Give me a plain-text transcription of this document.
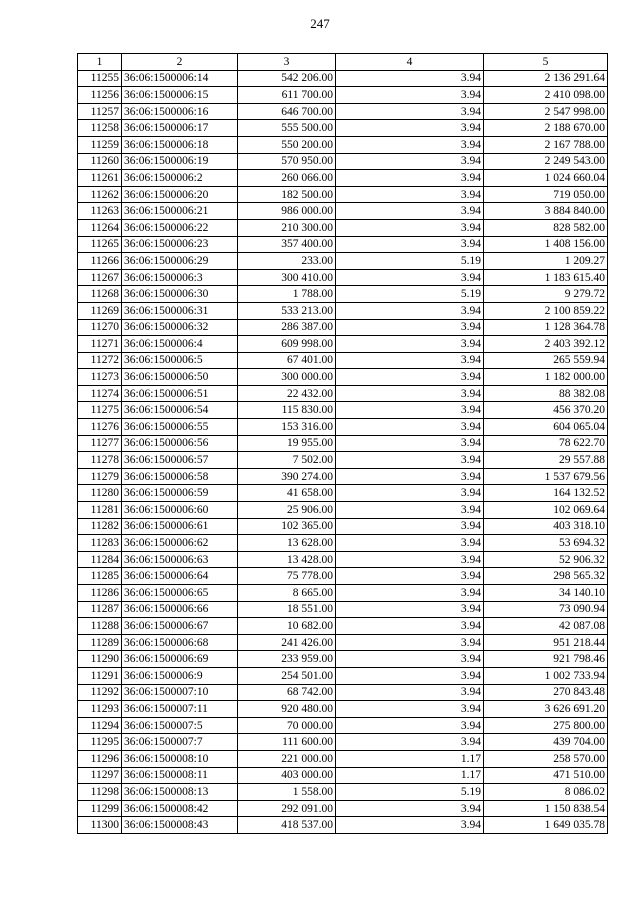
247
1	2	3	4	5
11255	36:06:1500006:14	542 206.00	3.94	2 136 291.64
11256	36:06:1500006:15	611 700.00	3.94	2 410 098.00
11257	36:06:1500006:16	646 700.00	3.94	2 547 998.00
11258	36:06:1500006:17	555 500.00	3.94	2 188 670.00
11259	36:06:1500006:18	550 200.00	3.94	2 167 788.00
11260	36:06:1500006:19	570 950.00	3.94	2 249 543.00
11261	36:06:1500006:2	260 066.00	3.94	1 024 660.04
11262	36:06:1500006:20	182 500.00	3.94	719 050.00
11263	36:06:1500006:21	986 000.00	3.94	3 884 840.00
11264	36:06:1500006:22	210 300.00	3.94	828 582.00
11265	36:06:1500006:23	357 400.00	3.94	1 408 156.00
11266	36:06:1500006:29	233.00	5.19	1 209.27
11267	36:06:1500006:3	300 410.00	3.94	1 183 615.40
11268	36:06:1500006:30	1 788.00	5.19	9 279.72
11269	36:06:1500006:31	533 213.00	3.94	2 100 859.22
11270	36:06:1500006:32	286 387.00	3.94	1 128 364.78
11271	36:06:1500006:4	609 998.00	3.94	2 403 392.12
11272	36:06:1500006:5	67 401.00	3.94	265 559.94
11273	36:06:1500006:50	300 000.00	3.94	1 182 000.00
11274	36:06:1500006:51	22 432.00	3.94	88 382.08
11275	36:06:1500006:54	115 830.00	3.94	456 370.20
11276	36:06:1500006:55	153 316.00	3.94	604 065.04
11277	36:06:1500006:56	19 955.00	3.94	78 622.70
11278	36:06:1500006:57	7 502.00	3.94	29 557.88
11279	36:06:1500006:58	390 274.00	3.94	1 537 679.56
11280	36:06:1500006:59	41 658.00	3.94	164 132.52
11281	36:06:1500006:60	25 906.00	3.94	102 069.64
11282	36:06:1500006:61	102 365.00	3.94	403 318.10
11283	36:06:1500006:62	13 628.00	3.94	53 694.32
11284	36:06:1500006:63	13 428.00	3.94	52 906.32
11285	36:06:1500006:64	75 778.00	3.94	298 565.32
11286	36:06:1500006:65	8 665.00	3.94	34 140.10
11287	36:06:1500006:66	18 551.00	3.94	73 090.94
11288	36:06:1500006:67	10 682.00	3.94	42 087.08
11289	36:06:1500006:68	241 426.00	3.94	951 218.44
11290	36:06:1500006:69	233 959.00	3.94	921 798.46
11291	36:06:1500006:9	254 501.00	3.94	1 002 733.94
11292	36:06:1500007:10	68 742.00	3.94	270 843.48
11293	36:06:1500007:11	920 480.00	3.94	3 626 691.20
11294	36:06:1500007:5	70 000.00	3.94	275 800.00
11295	36:06:1500007:7	111 600.00	3.94	439 704.00
11296	36:06:1500008:10	221 000.00	1.17	258 570.00
11297	36:06:1500008:11	403 000.00	1.17	471 510.00
11298	36:06:1500008:13	1 558.00	5.19	8 086.02
11299	36:06:1500008:42	292 091.00	3.94	1 150 838.54
11300	36:06:1500008:43	418 537.00	3.94	1 649 035.78
